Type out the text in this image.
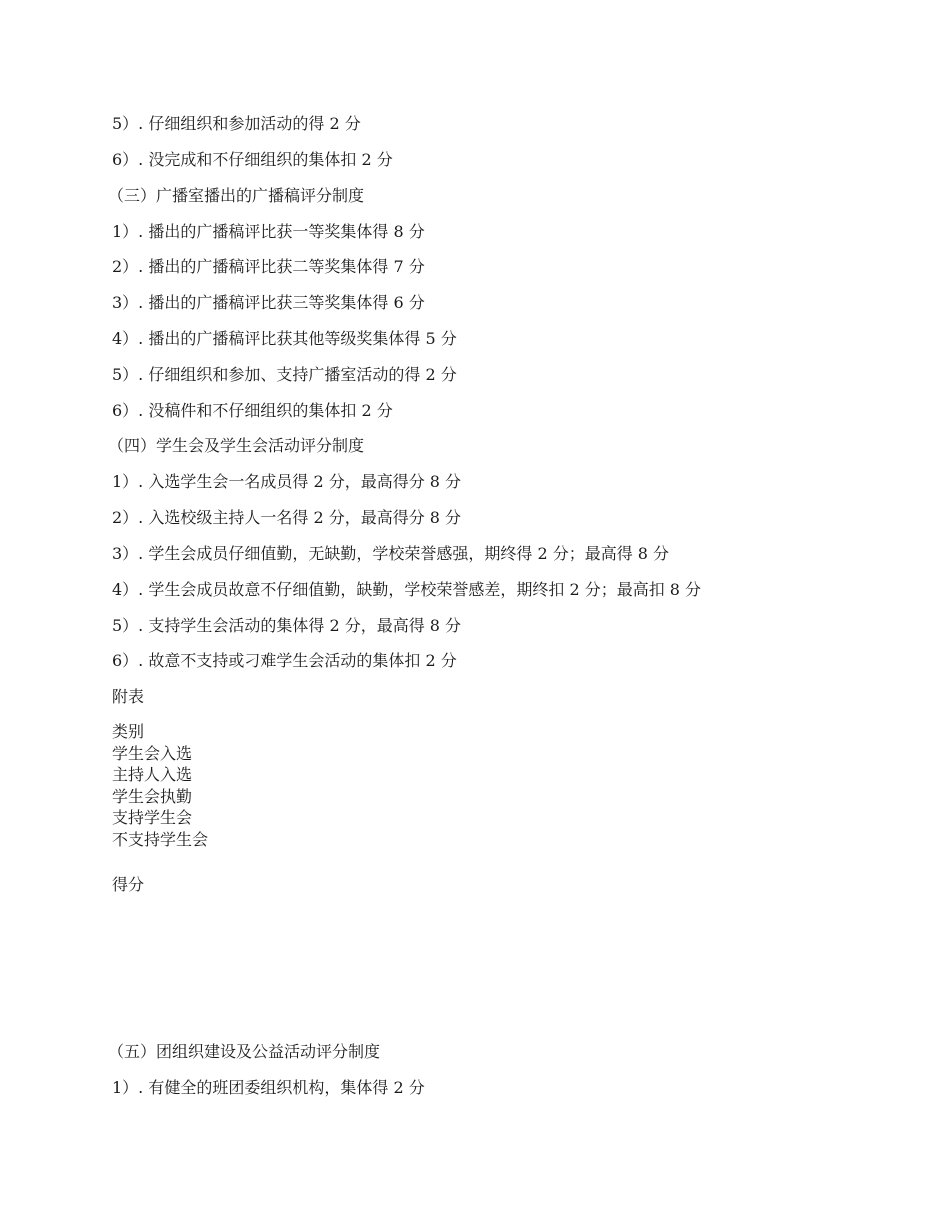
5）. 仔细组织和参加活动的得 2 分
6）. 没完成和不仔细组织的集体扣 2 分
（三）广播室播出的广播稿评分制度
1）. 播出的广播稿评比获一等奖集体得 8 分
2）. 播出的广播稿评比获二等奖集体得 7 分
3）. 播出的广播稿评比获三等奖集体得 6 分
4）. 播出的广播稿评比获其他等级奖集体得 5 分
5）. 仔细组织和参加、支持广播室活动的得 2 分
6）. 没稿件和不仔细组织的集体扣 2 分
（四）学生会及学生会活动评分制度
1）. 入选学生会一名成员得 2 分，最高得分 8 分
2）. 入选校级主持人一名得 2 分，最高得分 8 分
3）. 学生会成员仔细值勤，无缺勤，学校荣誉感强，期终得 2 分；最高得 8 分
4）. 学生会成员故意不仔细值勤，缺勤，学校荣誉感差，期终扣 2 分；最高扣 8 分
5）. 支持学生会活动的集体得 2 分，最高得 8 分
6）. 故意不支持或刁难学生会活动的集体扣 2 分
附表
类别
学生会入选
主持人入选
学生会执勤
支持学生会
不支持学生会
得分
（五）团组织建设及公益活动评分制度
1）. 有健全的班团委组织机构，集体得 2 分
